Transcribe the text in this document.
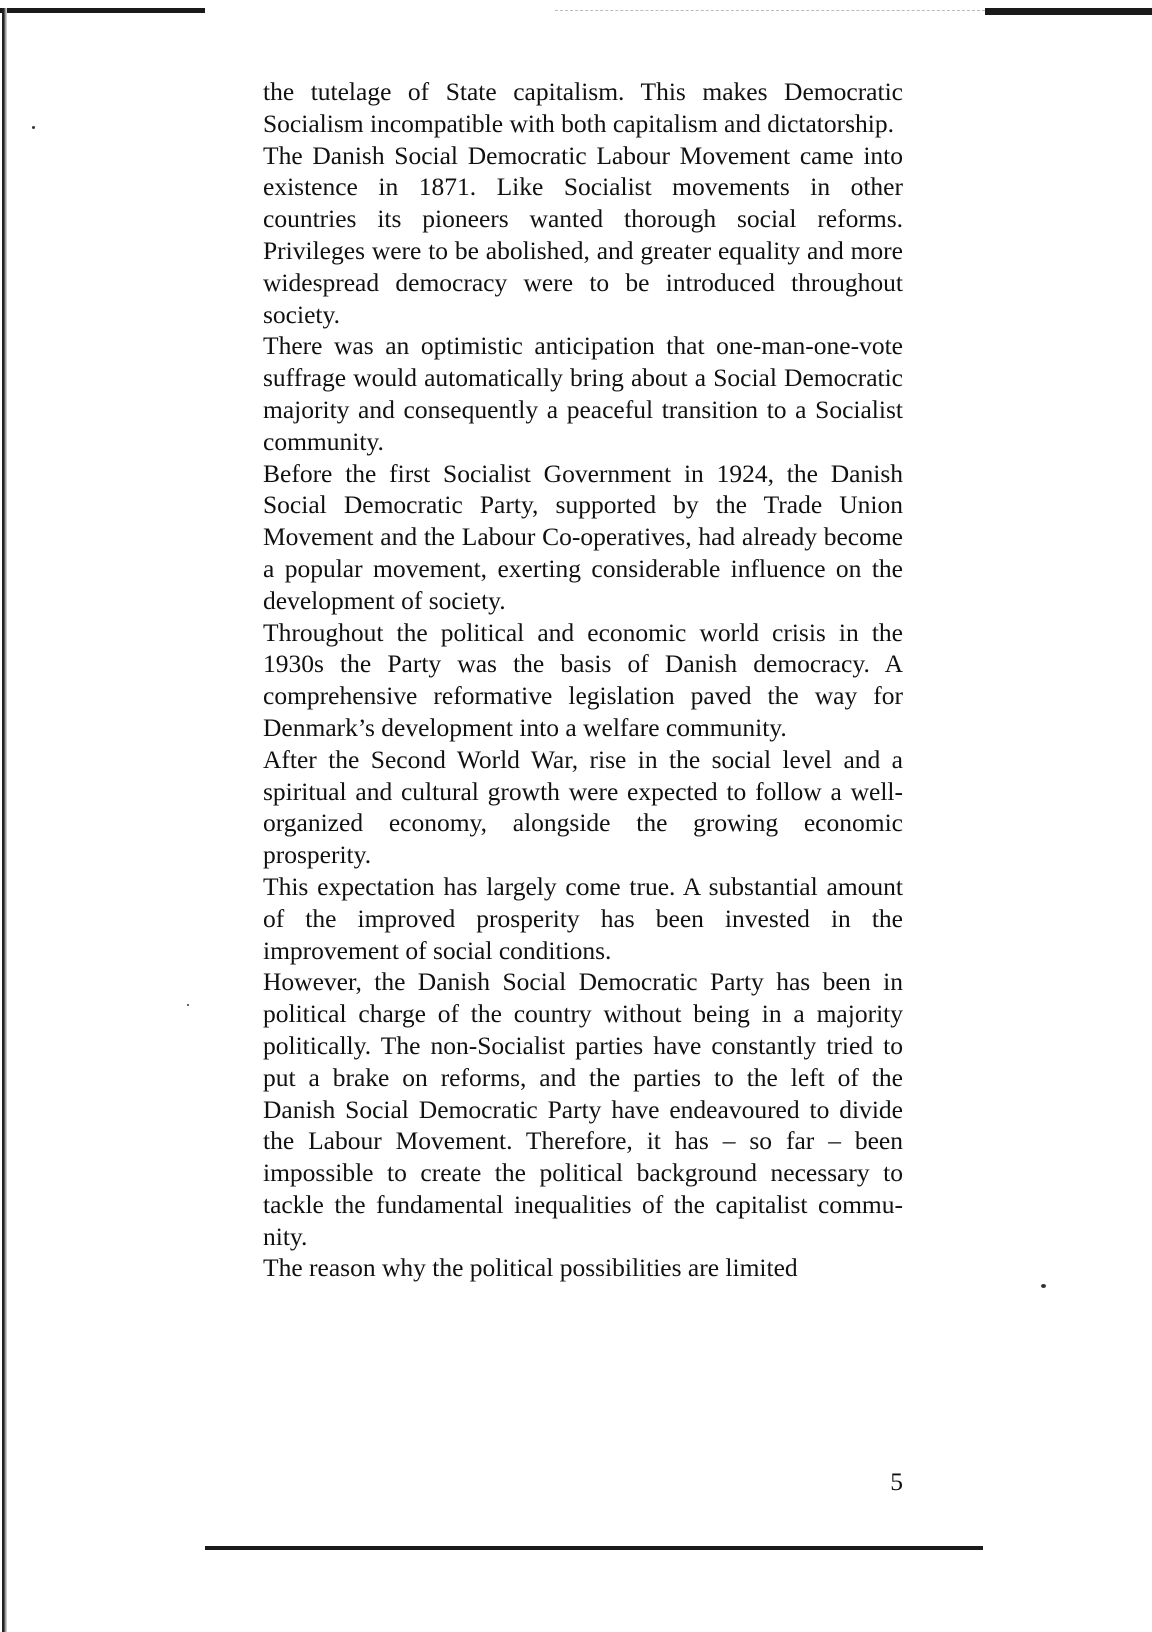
the tutelage of State capitalism. This makes Democratic Socialism incompatible with both capitalism and dictatorship.

The Danish Social Democratic Labour Movement came into existence in 1871. Like Socialist movements in other countries its pioneers wanted thorough social reforms. Privileges were to be abolished, and greater equality and more widespread democracy were to be introduced throughout society.

There was an optimistic anticipation that one-man-one-vote suffrage would automatically bring about a Social Democratic majority and consequently a peaceful transition to a Socialist community.

Before the first Socialist Government in 1924, the Danish Social Democratic Party, supported by the Trade Union Movement and the Labour Co-operatives, had already become a popular movement, exerting considerable influence on the development of society.

Throughout the political and economic world crisis in the 1930s the Party was the basis of Danish democracy. A comprehensive reformative legislation paved the way for Denmark’s development into a welfare community.

After the Second World War, rise in the social level and a spiritual and cultural growth were expected to follow a well-organized economy, alongside the growing economic prosperity.

This expectation has largely come true. A substantial amount of the improved prosperity has been invested in the improvement of social conditions.

However, the Danish Social Democratic Party has been in political charge of the country without being in a majority politically. The non-Socialist parties have constantly tried to put a brake on reforms, and the parties to the left of the Danish Social Democratic Party have endeavoured to divide the Labour Movement. Therefore, it has – so far – been impossible to create the political background necessary to tackle the fundamental inequalities of the capitalist community.

The reason why the political possibilities are limited

5
